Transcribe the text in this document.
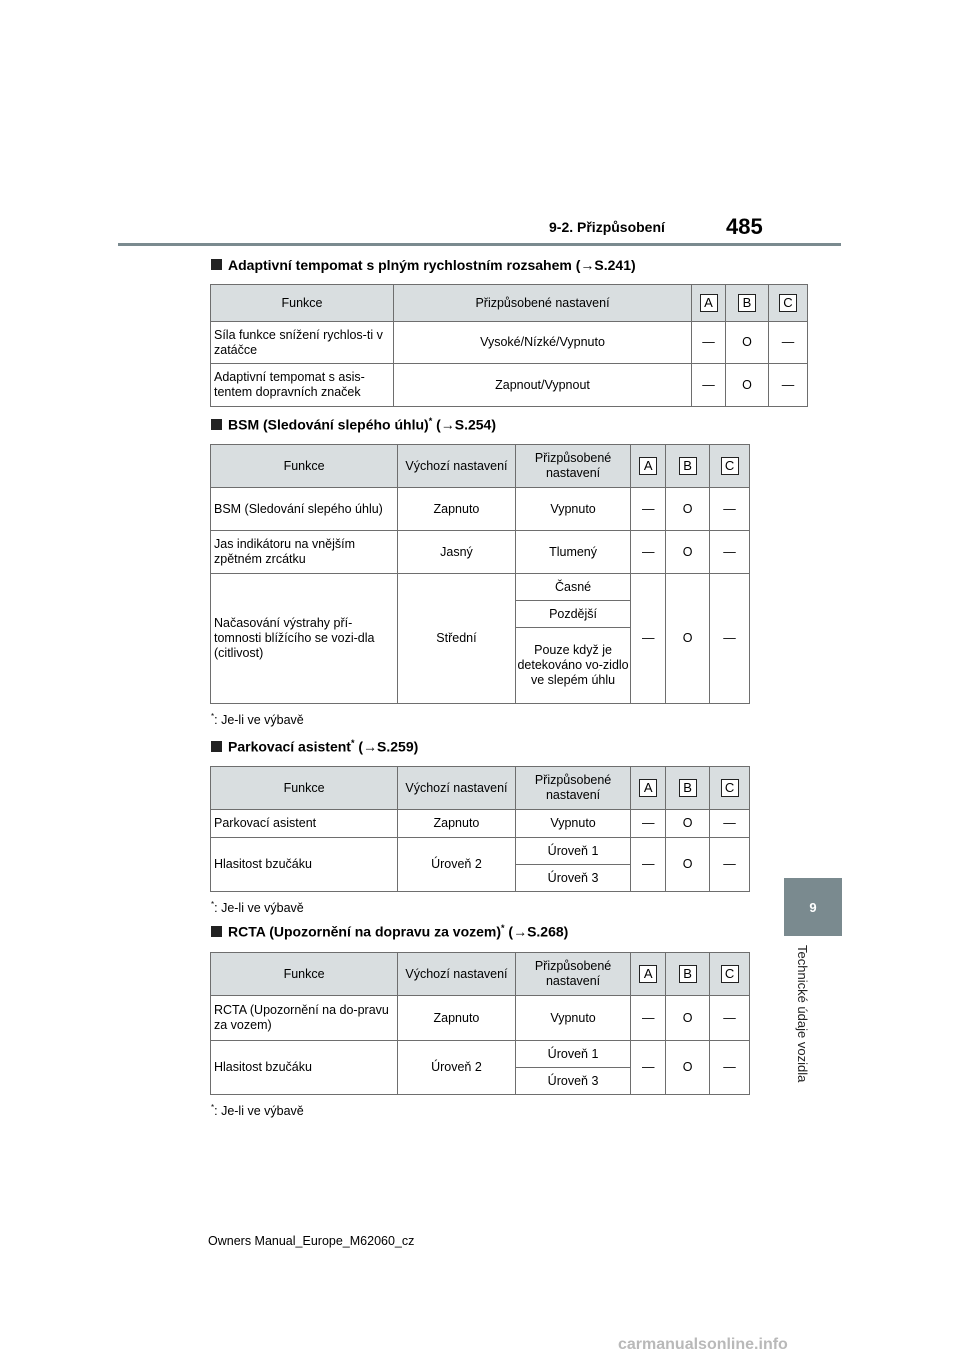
9-2. Přizpůsobení	485
9
Technické údaje vozidla
Adaptivní tempomat s plným rychlostním rozsahem (→S.241)
Funkce	Přizpůsobené nastavení	A	B	C
Síla funkce snížení rychlos-ti v zatáčce	Vysoké/Nízké/Vypnuto	—	O	—
Adaptivní tempomat s asis-tentem dopravních značek	Zapnout/Vypnout	—	O	—
BSM (Sledování slepého úhlu)* (→S.254)
Funkce	Výchozí nastavení	Přizpůsobené nastavení	A	B	C
BSM (Sledování slepého úhlu)	Zapnuto	Vypnuto	—	O	—
Jas indikátoru na vnějším zpětném zrcátku	Jasný	Tlumený	—	O	—
Načasování výstrahy pří-tomnosti blížícího se vozi-dla (citlivost)	Střední	Časné	—	O	—
		Pozdější			
		Pouze když je detekováno vo-zidlo ve slepém úhlu			
*: Je-li ve výbavě
Parkovací asistent* (→S.259)
Funkce	Výchozí nastavení	Přizpůsobené nastavení	A	B	C
Parkovací asistent	Zapnuto	Vypnuto	—	O	—
Hlasitost bzučáku	Úroveň 2	Úroveň 1	—	O	—
		Úroveň 3			
*: Je-li ve výbavě
RCTA (Upozornění na dopravu za vozem)* (→S.268)
Funkce	Výchozí nastavení	Přizpůsobené nastavení	A	B	C
RCTA (Upozornění na do-pravu za vozem)	Zapnuto	Vypnuto	—	O	—
Hlasitost bzučáku	Úroveň 2	Úroveň 1	—	O	—
		Úroveň 3			
*: Je-li ve výbavě
Owners Manual_Europe_M62060_cz
carmanualsonline.info
